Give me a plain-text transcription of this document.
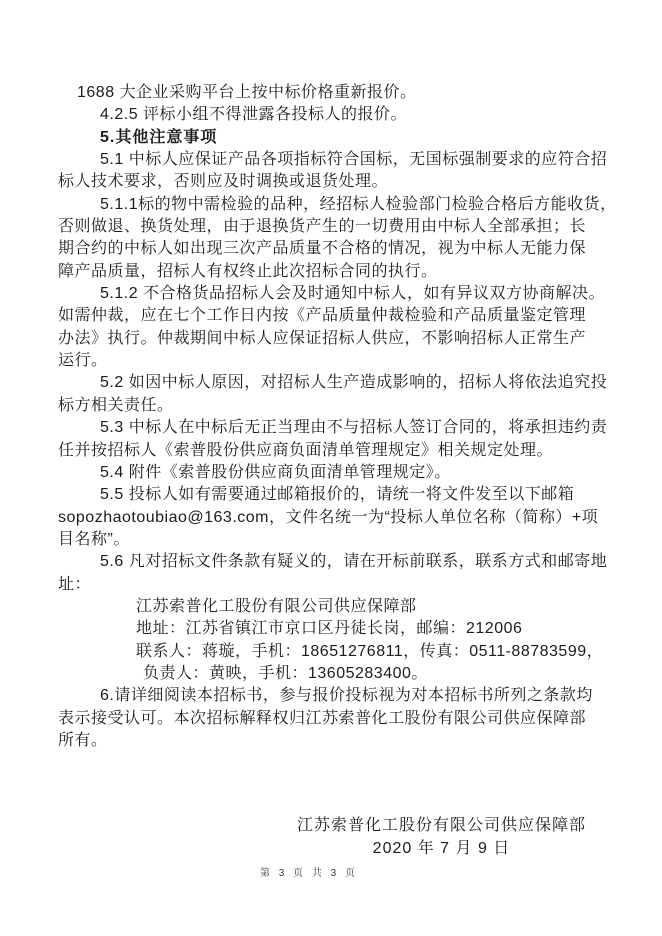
1688 大企业采购平台上按中标价格重新报价。
4.2.5 评标小组不得泄露各投标人的报价。
5.其他注意事项
5.1 中标人应保证产品各项指标符合国标，无国标强制要求的应符合招
标人技术要求，否则应及时调换或退货处理。
5.1.1标的物中需检验的品种，经招标人检验部门检验合格后方能收货，
否则做退、换货处理，由于退换货产生的一切费用由中标人全部承担；长
期合约的中标人如出现三次产品质量不合格的情况，视为中标人无能力保
障产品质量，招标人有权终止此次招标合同的执行。
5.1.2 不合格货品招标人会及时通知中标人，如有异议双方协商解决。
如需仲裁，应在七个工作日内按《产品质量仲裁检验和产品质量鉴定管理
办法》执行。仲裁期间中标人应保证招标人供应，不影响招标人正常生产
运行。
5.2 如因中标人原因，对招标人生产造成影响的，招标人将依法追究投
标方相关责任。
5.3 中标人在中标后无正当理由不与招标人签订合同的，将承担违约责
任并按招标人《索普股份供应商负面清单管理规定》相关规定处理。
5.4 附件《索普股份供应商负面清单管理规定》。
5.5 投标人如有需要通过邮箱报价的，请统一将文件发至以下邮箱
sopozhaotoubiao@163.com，文件名统一为“投标人单位名称（简称）+项
目名称”。
5.6 凡对招标文件条款有疑义的，请在开标前联系，联系方式和邮寄地
址：
江苏索普化工股份有限公司供应保障部
地址：江苏省镇江市京口区丹徒长岗，邮编：212006
联系人：蒋璇，手机：18651276811，传真：0511-88783599，
负责人：黄映，手机：13605283400。
6.请详细阅读本招标书，参与报价投标视为对本招标书所列之条款均
表示接受认可。本次招标解释权归江苏索普化工股份有限公司供应保障部
所有。
江苏索普化工股份有限公司供应保障部
2020 年 7 月 9 日
第 3 页 共 3 页
